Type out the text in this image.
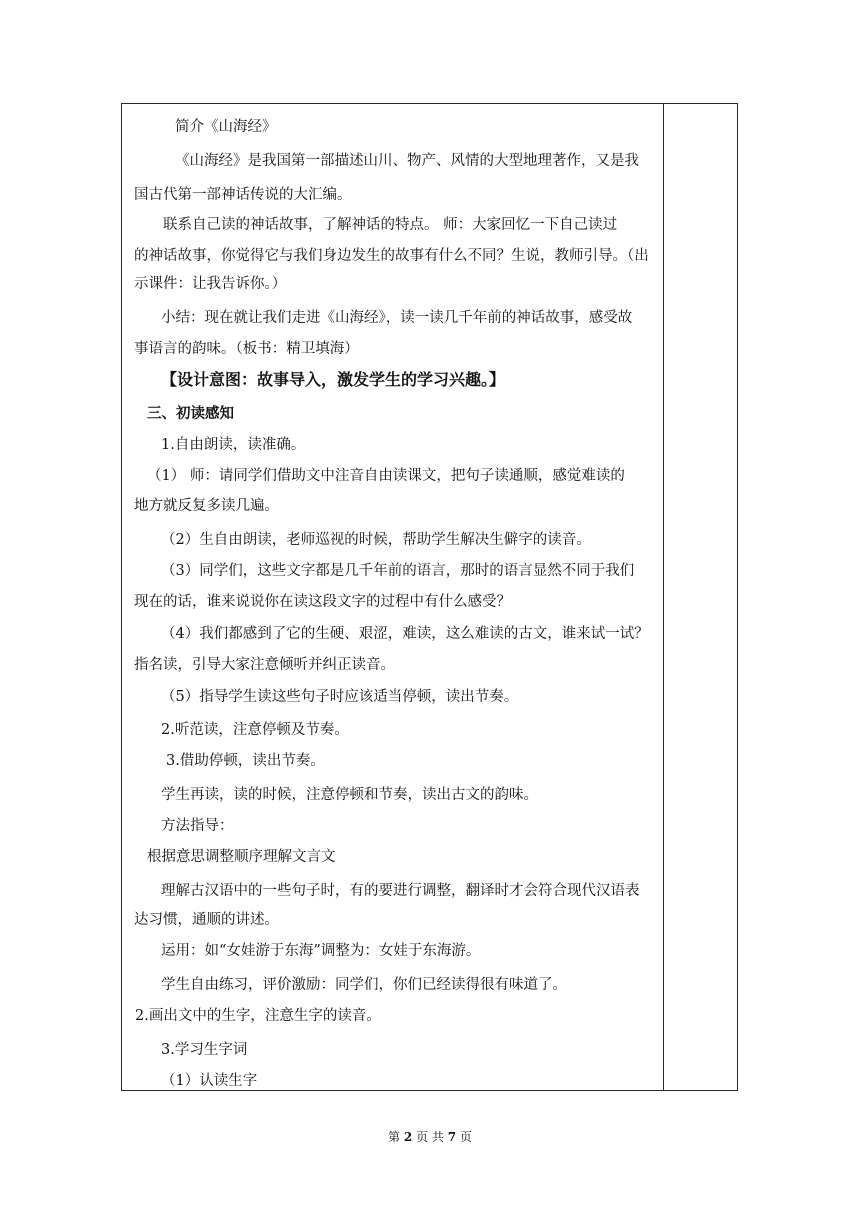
简介《山海经》
《山海经》是我国第一部描述山川、物产、风情的大型地理著作，又是我
国古代第一部神话传说的大汇编。
联系自己读的神话故事，了解神话的特点。 师：大家回忆一下自己读过
的神话故事，你觉得它与我们身边发生的故事有什么不同？生说，教师引导。（出
示课件：让我告诉你。）
小结：现在就让我们走进《山海经》，读一读几千年前的神话故事，感受故
事语言的韵味。（板书：精卫填海）
【设计意图：故事导入，激发学生的学习兴趣。】
三、初读感知
1.自由朗读，读准确。
（1） 师：请同学们借助文中注音自由读课文，把句子读通顺，感觉难读的
地方就反复多读几遍。
（2）生自由朗读，老师巡视的时候，帮助学生解决生僻字的读音。
（3）同学们，这些文字都是几千年前的语言，那时的语言显然不同于我们
现在的话，谁来说说你在读这段文字的过程中有什么感受？
（4）我们都感到了它的生硬、艰涩，难读，这么难读的古文，谁来试一试？
指名读，引导大家注意倾听并纠正读音。
（5）指导学生读这些句子时应该适当停顿，读出节奏。
2.听范读，注意停顿及节奏。
3.借助停顿，读出节奏。
学生再读，读的时候，注意停顿和节奏，读出古文的韵味。
方法指导：
根据意思调整顺序理解文言文
理解古汉语中的一些句子时，有的要进行调整，翻译时才会符合现代汉语表
达习惯，通顺的讲述。
运用：如“女娃游于东海”调整为：女娃于东海游。
学生自由练习，评价激励：同学们，你们已经读得很有味道了。
2.画出文中的生字，注意生字的读音。
3.学习生字词
（1）认读生字
第 2 页 共 7 页
